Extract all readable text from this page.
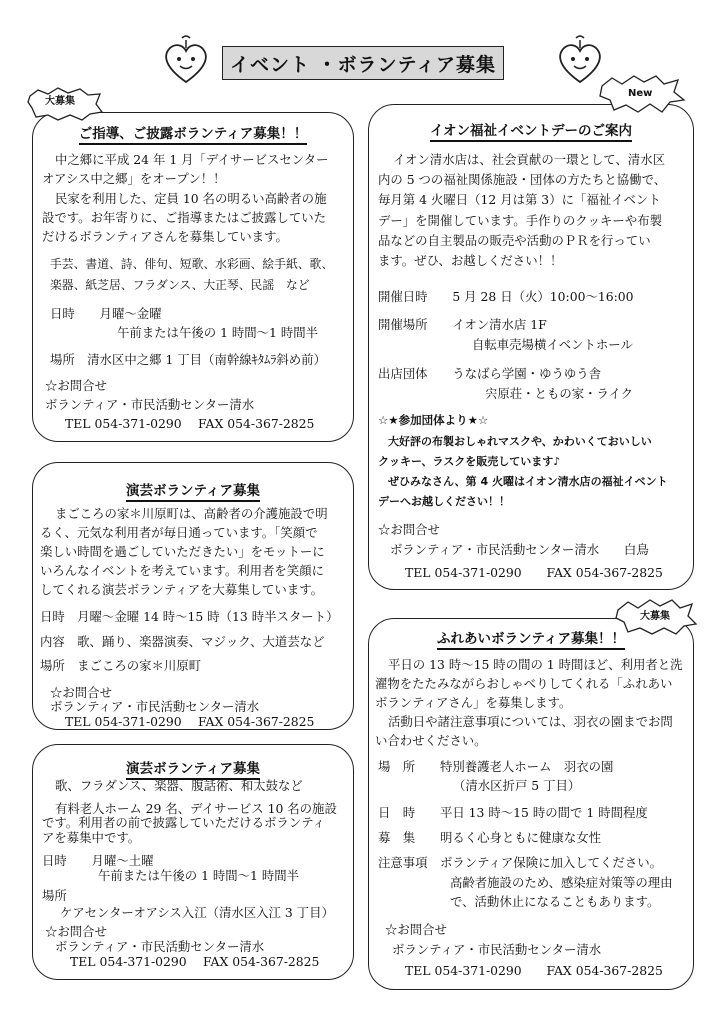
イベント ・ボランティア募集
ご指導、ご披露ボランティア募集！！
大募集
中之郷に平成 24 年 1 月「デイサービスセンター
オアシス中之郷」をオープン！！
民家を利用した、定員 10 名の明るい高齢者の施
設です。お年寄りに、ご指導またはご披露していた
だけるボランティアさんを募集しています。
手芸、書道、詩、俳句、短歌、水彩画、絵手紙、歌、
楽器、紙芝居、フラダンス、大正琴、民謡　など
日時　　月曜～金曜
午前または午後の 1 時間～1 時間半
場所　清水区中之郷 1 丁目（南幹線ｷﾀﾑﾗ斜め前）
☆お問合せ
ボランティア・市民活動センター清水
TEL 054-371-0290　 FAX 054-367-2825
イオン福祉イベントデーのご案内
New
イオン清水店は、社会貢献の一環として、清水区
内の 5 つの福祉関係施設・団体の方たちと協働で、
毎月第 4 火曜日（12 月は第 3）に「福祉イベント
デー」を開催しています。手作りのクッキーや布製
品などの自主製品の販売や活動のＰＲを行ってい
ます。ぜひ、お越しください！！
開催日時　　5 月 28 日（火）10:00～16:00
開催場所　　イオン清水店 1F
自転車売場横イベントホール
出店団体　　うなばら学園・ゆうゆう舎
宍原荘・ともの家・ライク
☆★参加団体より★☆
大好評の布製おしゃれマスクや、かわいくておいしい
クッキー、ラスクを販売しています♪
ぜひみなさん、第 4 火曜はイオン清水店の福祉イベント
デーへお越しください！！
☆お問合せ
ボランティア・市民活動センター清水　　白鳥
TEL 054-371-0290　　FAX 054-367-2825
演芸ボランティア募集
まごころの家＊川原町は、高齢者の介護施設で明
るく、元気な利用者が毎日通っています。「笑顔で
楽しい時間を過ごしていただきたい」をモットーに
いろんなイベントを考えています。利用者を笑顔に
してくれる演芸ボランティアを大募集しています。
日時　月曜～金曜 14 時～15 時（13 時半スタート）
内容　歌、踊り、楽器演奏、マジック、大道芸など
場所　まごころの家＊川原町
☆お問合せ
ボランティア・市民活動センター清水
TEL 054-371-0290　 FAX 054-367-2825
ふれあいボランティア募集！！
大募集
平日の 13 時～15 時の間の 1 時間ほど、利用者と洗
濯物をたたみながらおしゃべりしてくれる「ふれあい
ボランティアさん」を募集します。
活動日や諸注意事項については、羽衣の園までお問
い合わせください。
場　所　　特別養護老人ホーム　羽衣の園
（清水区折戸 5 丁目）
日　時　　平日 13 時～15 時の間で 1 時間程度
募　集　　明るく心身ともに健康な女性
注意事項　ボランティア保険に加入してください。
高齢者施設のため、感染症対策等の理由
で、活動休止になることもあります。
☆お問合せ
ボランティア・市民活動センター清水
TEL 054-371-0290　　FAX 054-367-2825
演芸ボランティア募集
歌、フラダンス、楽器、腹話術、和太鼓など
有料老人ホーム 29 名、デイサービス 10 名の施設
です。利用者の前で披露していただけるボランティ
アを募集中です。
日時　　月曜～土曜
午前または午後の 1 時間～1 時間半
場所
ケアセンターオアシス入江（清水区入江 3 丁目）
☆お問合せ
ボランティア・市民活動センター清水
TEL 054-371-0290　 FAX 054-367-2825
